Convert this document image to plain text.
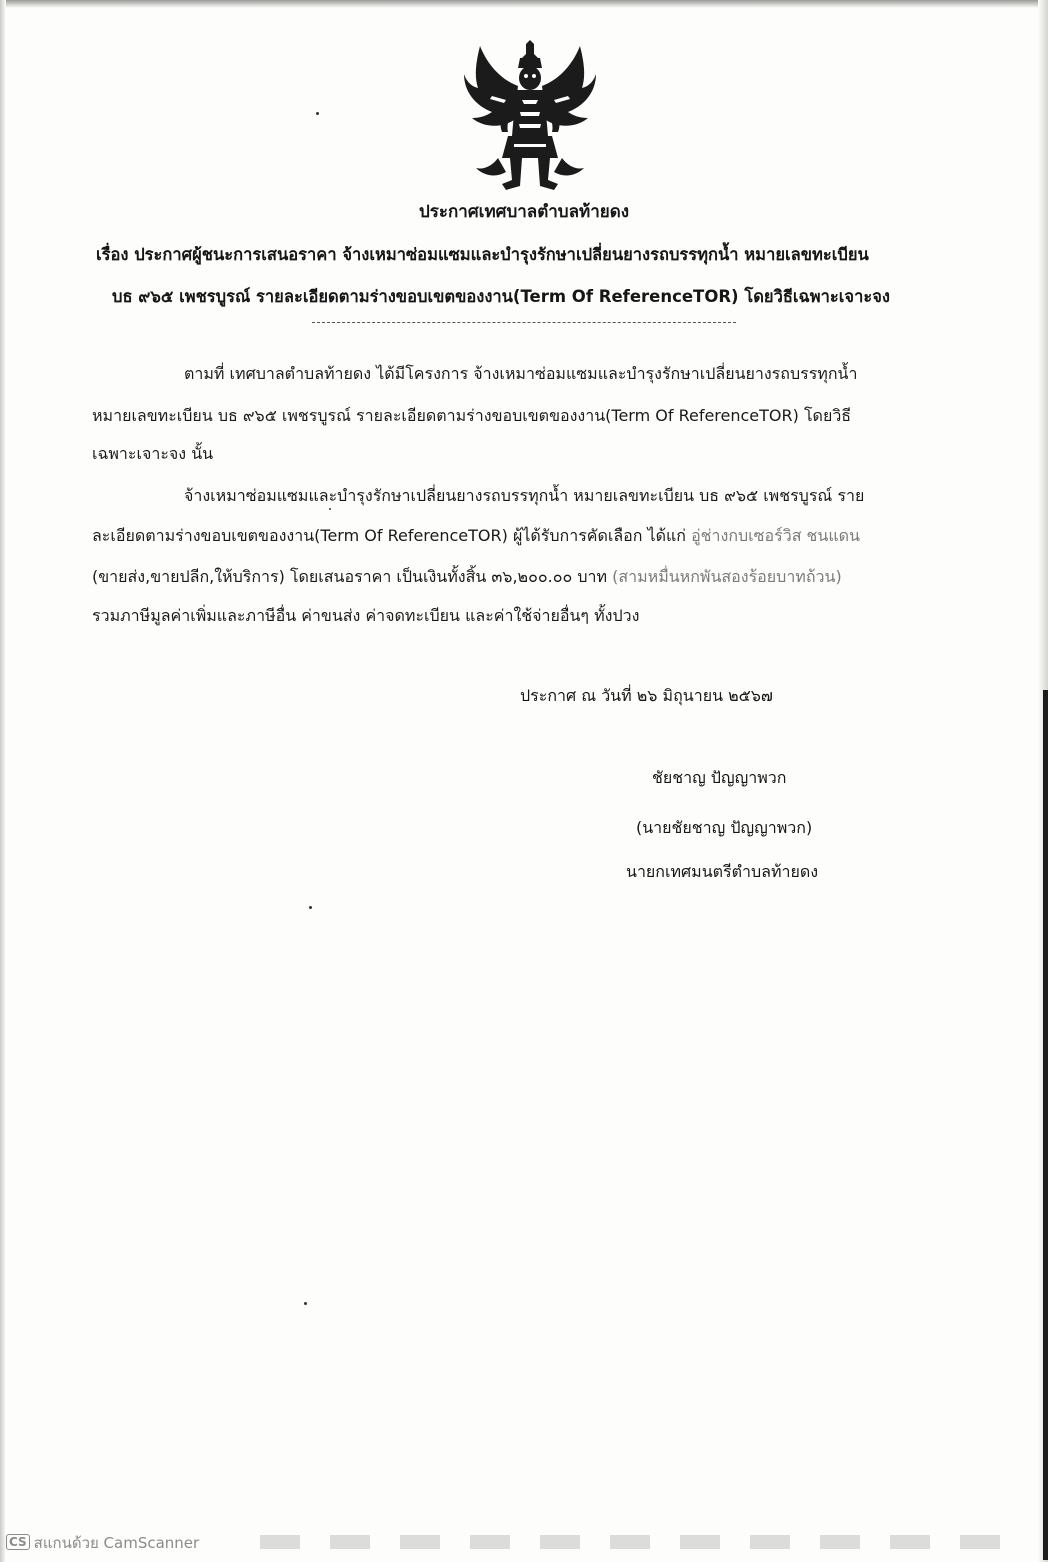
ประกาศเทศบาลตำบลท้ายดง
เรื่อง ประกาศผู้ชนะการเสนอราคา จ้างเหมาซ่อมแซมและบำรุงรักษาเปลี่ยนยางรถบรรทุกน้ำ หมายเลขทะเบียน
บธ ๙๖๕ เพชรบูรณ์ รายละเอียดตามร่างขอบเขตของงาน(Term Of ReferenceTOR) โดยวิธีเฉพาะเจาะจง
ตามที่ เทศบาลตำบลท้ายดง ได้มีโครงการ จ้างเหมาซ่อมแซมและบำรุงรักษาเปลี่ยนยางรถบรรทุกน้ำ
หมายเลขทะเบียน บธ ๙๖๕ เพชรบูรณ์ รายละเอียดตามร่างขอบเขตของงาน(Term Of ReferenceTOR) โดยวิธี
เฉพาะเจาะจง นั้น
จ้างเหมาซ่อมแซมและบำรุงรักษาเปลี่ยนยางรถบรรทุกน้ำ หมายเลขทะเบียน บธ ๙๖๕ เพชรบูรณ์ ราย
ละเอียดตามร่างขอบเขตของงาน(Term Of ReferenceTOR) ผู้ได้รับการคัดเลือก ได้แก่ อู่ช่างกบเซอร์วิส ชนแดน
(ขายส่ง,ขายปลีก,ให้บริการ) โดยเสนอราคา เป็นเงินทั้งสิ้น ๓๖,๒๐๐.๐๐ บาท (สามหมื่นหกพันสองร้อยบาทถ้วน)
รวมภาษีมูลค่าเพิ่มและภาษีอื่น ค่าขนส่ง ค่าจดทะเบียน และค่าใช้จ่ายอื่นๆ ทั้งปวง
ประกาศ ณ วันที่ ๒๖ มิถุนายน ๒๕๖๗
ชัยชาญ ปัญญาพวก
(นายชัยชาญ ปัญญาพวก)
นายกเทศมนตรีตำบลท้ายดง
CS สแกนด้วย CamScanner
